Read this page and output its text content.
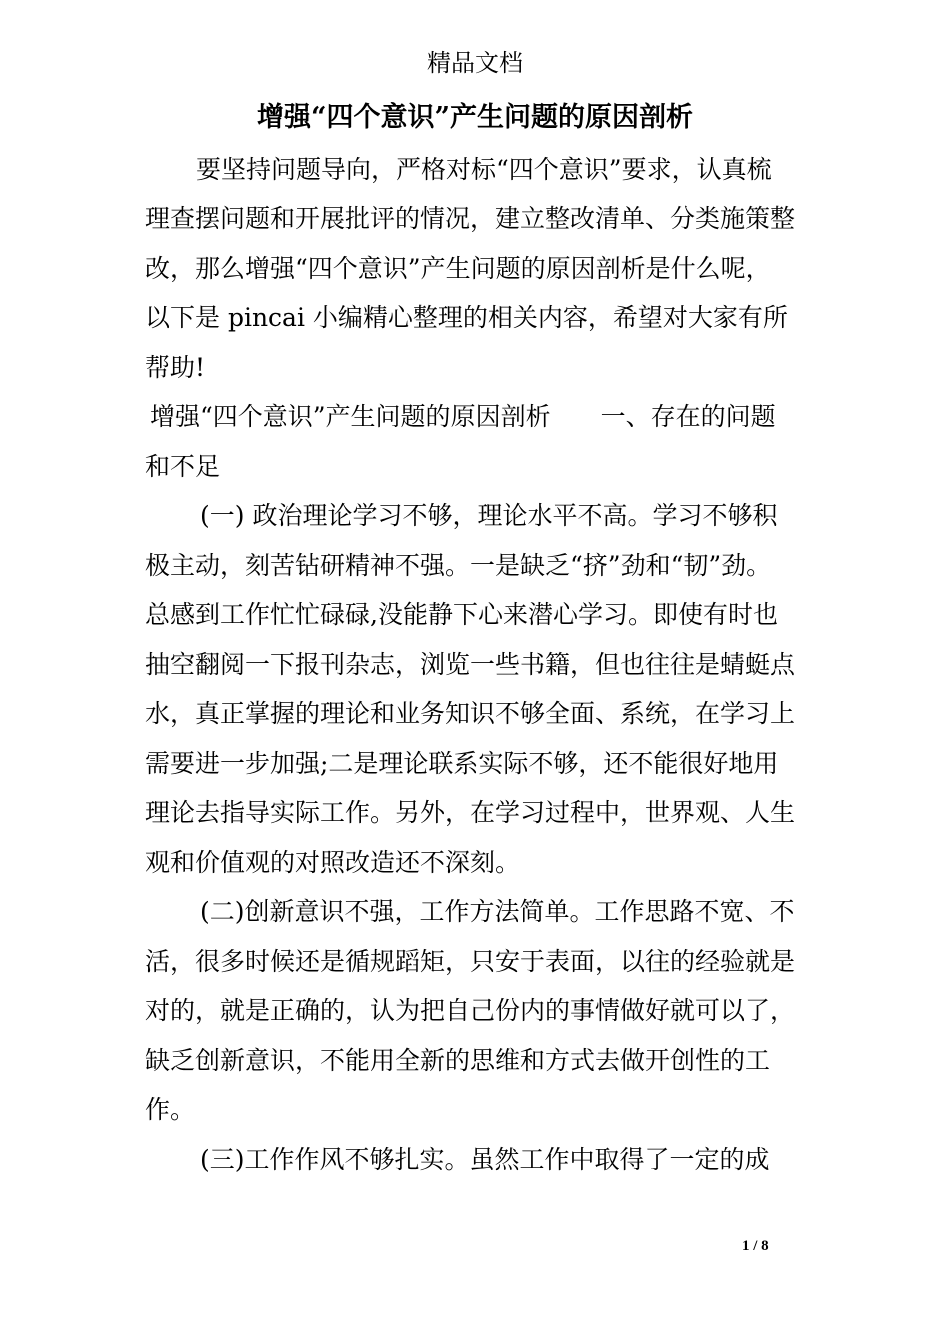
精品文档
增强“四个意识”产生问题的原因剖析
要坚持问题导向，严格对标“四个意识”要求，认真梳
理查摆问题和开展批评的情况，建立整改清单、分类施策整
改，那么增强“四个意识”产生问题的原因剖析是什么呢，
以下是 pincai 小编精心整理的相关内容，希望对大家有所
帮助!
增强“四个意识”产生问题的原因剖析　　一、存在的问题
和不足
(一) 政治理论学习不够，理论水平不高。学习不够积
极主动，刻苦钻研精神不强。一是缺乏“挤”劲和“韧”劲。
总感到工作忙忙碌碌,没能静下心来潜心学习。即使有时也
抽空翻阅一下报刊杂志，浏览一些书籍，但也往往是蜻蜓点
水，真正掌握的理论和业务知识不够全面、系统，在学习上
需要进一步加强;二是理论联系实际不够，还不能很好地用
理论去指导实际工作。另外，在学习过程中，世界观、人生
观和价值观的对照改造还不深刻。
(二)创新意识不强，工作方法简单。工作思路不宽、不
活，很多时候还是循规蹈矩，只安于表面，以往的经验就是
对的，就是正确的，认为把自己份内的事情做好就可以了，
缺乏创新意识，不能用全新的思维和方式去做开创性的工
作。
(三)工作作风不够扎实。虽然工作中取得了一定的成
1 / 8
